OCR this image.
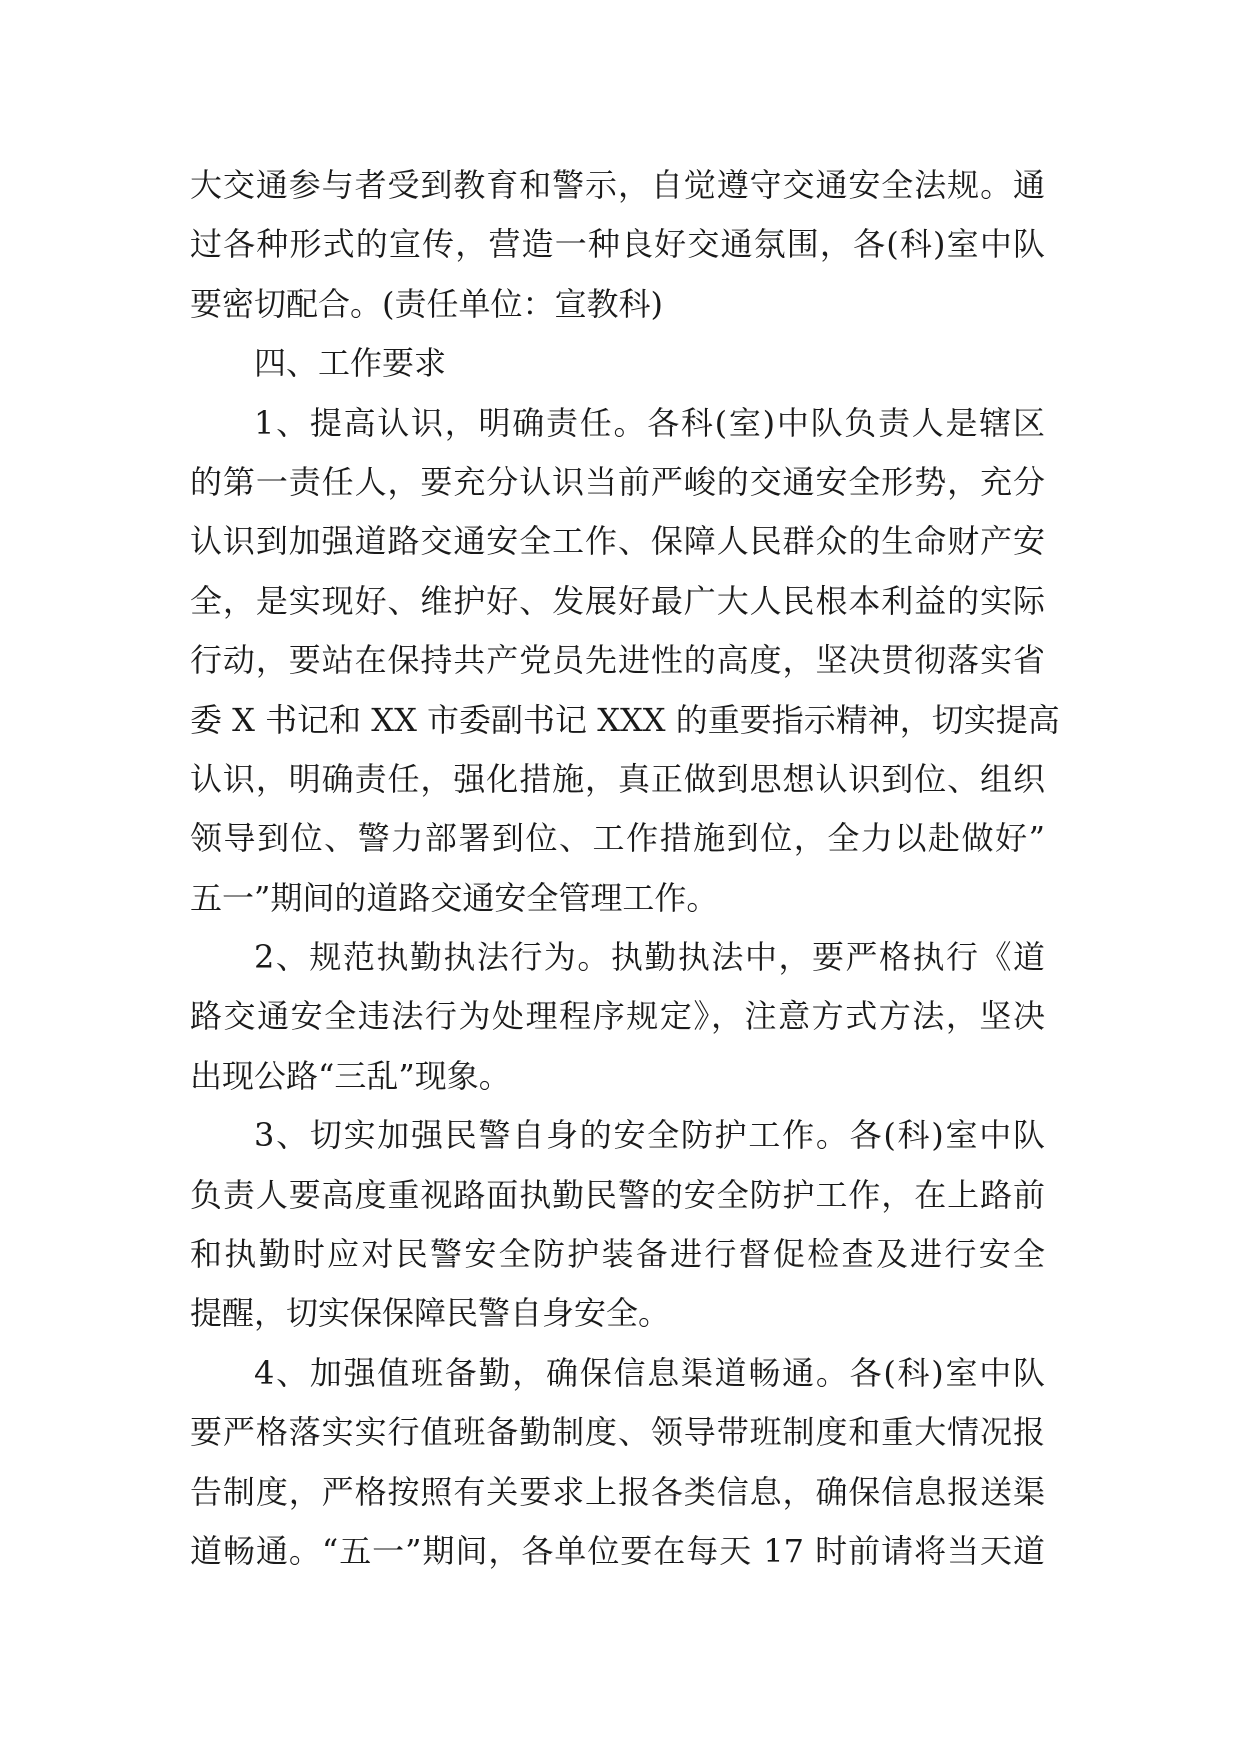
大交通参与者受到教育和警示，自觉遵守交通安全法规。通
过各种形式的宣传，营造一种良好交通氛围，各(科)室中队
要密切配合。(责任单位：宣教科)
四、工作要求
1、提高认识，明确责任。各科(室)中队负责人是辖区
的第一责任人，要充分认识当前严峻的交通安全形势，充分
认识到加强道路交通安全工作、保障人民群众的生命财产安
全，是实现好、维护好、发展好最广大人民根本利益的实际
行动，要站在保持共产党员先进性的高度，坚决贯彻落实省
委 X 书记和 XX 市委副书记 XXX 的重要指示精神，切实提高
认识，明确责任，强化措施，真正做到思想认识到位、组织
领导到位、警力部署到位、工作措施到位，全力以赴做好”
五一”期间的道路交通安全管理工作。
2、规范执勤执法行为。执勤执法中，要严格执行《道
路交通安全违法行为处理程序规定》，注意方式方法，坚决
出现公路“三乱”现象。
3、切实加强民警自身的安全防护工作。各(科)室中队
负责人要高度重视路面执勤民警的安全防护工作，在上路前
和执勤时应对民警安全防护装备进行督促检查及进行安全
提醒，切实保保障民警自身安全。
4、加强值班备勤，确保信息渠道畅通。各(科)室中队
要严格落实实行值班备勤制度、领导带班制度和重大情况报
告制度，严格按照有关要求上报各类信息，确保信息报送渠
道畅通。“五一”期间，各单位要在每天 17 时前请将当天道
